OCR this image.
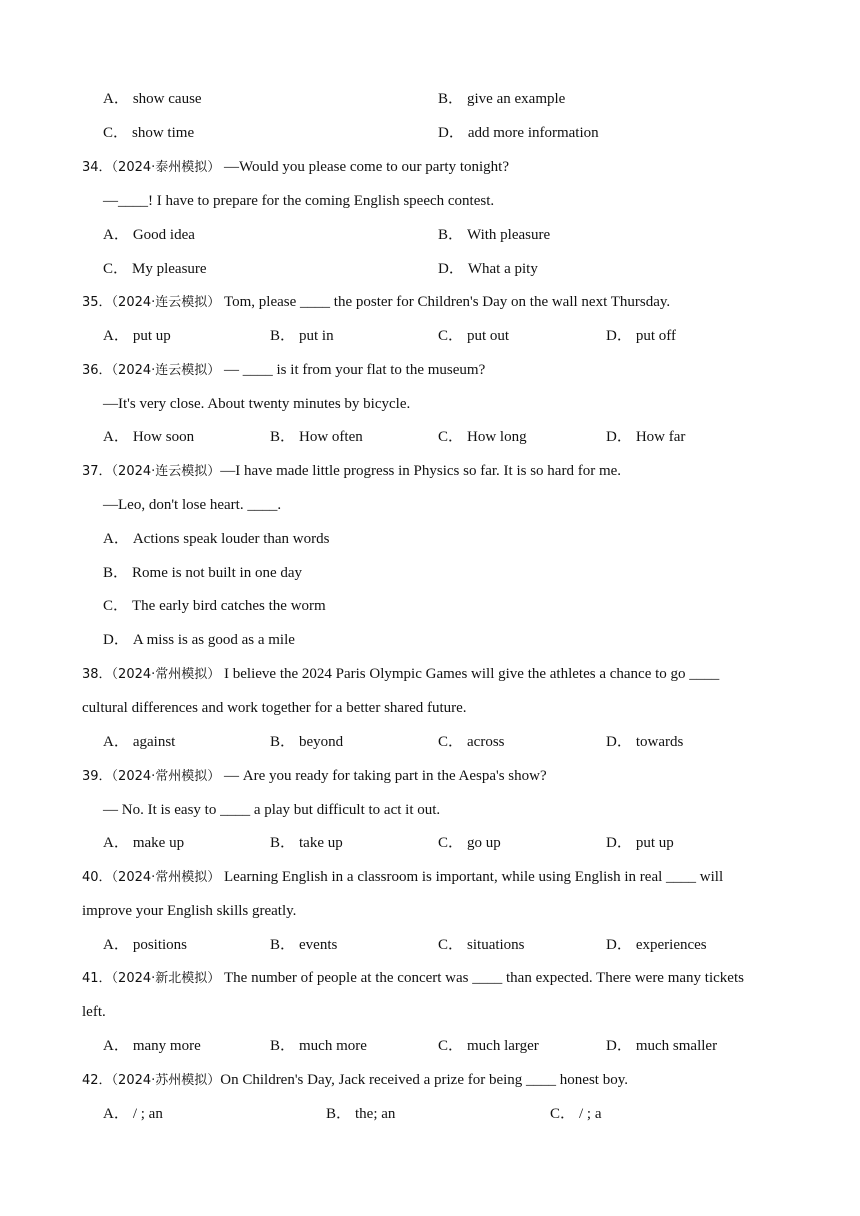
A． show cause	B． give an example
C． show time	D． add more information
34．（2024·泰州模拟） —Would you please come to our party tonight?
—____! I have to prepare for the coming English speech contest.
A． Good idea	B． With pleasure
C． My pleasure	D． What a pity
35．（2024·连云模拟） Tom, please ____ the poster for Children's Day on the wall next Thursday.
A． put up	B． put in	C． put out	D． put off
36．（2024·连云模拟） — ____ is it from your flat to the museum?
—It's very close. About twenty minutes by bicycle.
A． How soon	B． How often	C． How long	D． How far
37．（2024·连云模拟）—I have made little progress in Physics so far. It is so hard for me.
—Leo, don't lose heart. ____.
A． Actions speak louder than words
B． Rome is not built in one day
C． The early bird catches the worm
D． A miss is as good as a mile
38．（2024·常州模拟） I believe the 2024 Paris Olympic Games will give the athletes a chance to go ____
cultural differences and work together for a better shared future.
A． against	B． beyond	C． across	D． towards
39．（2024·常州模拟） — Are you ready for taking part in the Aespa's show?
— No. It is easy to ____ a play but difficult to act it out.
A． make up	B． take up	C． go up	D． put up
40．（2024·常州模拟） Learning English in a classroom is important, while using English in real ____ will
improve your English skills greatly.
A． positions	B． events	C． situations	D． experiences
41．（2024·新北模拟） The number of people at the concert was ____ than expected. There were many tickets
left.
A． many more	B． much more	C． much larger	D． much smaller
42．（2024·苏州模拟）On Children's Day, Jack received a prize for being ____ honest boy.
A． / ; an	B． the; an	C． / ; a
